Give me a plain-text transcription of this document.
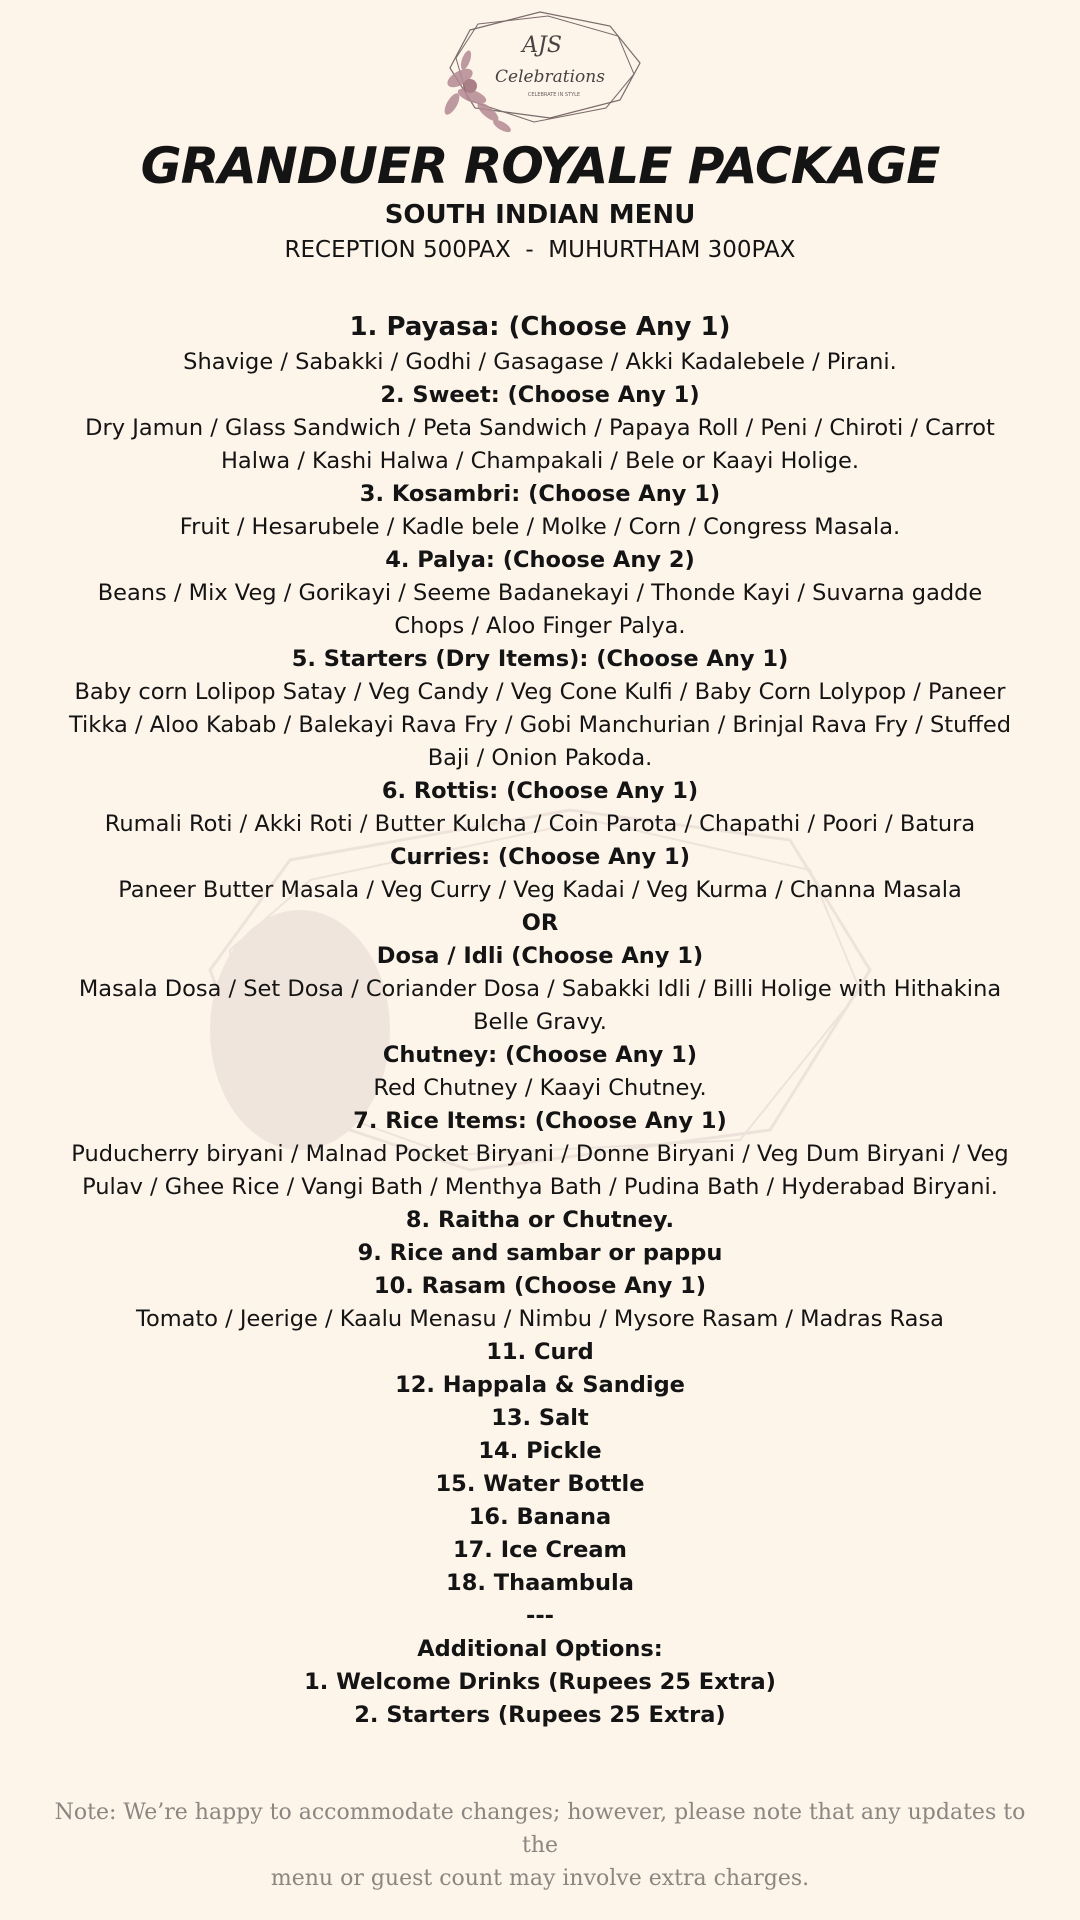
AJS
Celebrations
CELEBRATE IN STYLE
GRANDUER ROYALE PACKAGE
SOUTH INDIAN MENU
RECEPTION 500PAX  -  MUHURTHAM 300PAX
1. Payasa: (Choose Any 1)
Shavige / Sabakki / Godhi / Gasagase / Akki Kadalebele / Pirani.
2. Sweet: (Choose Any 1)
Dry Jamun / Glass Sandwich / Peta Sandwich / Papaya Roll / Peni / Chiroti / Carrot
Halwa / Kashi Halwa / Champakali / Bele or Kaayi Holige.
3. Kosambri: (Choose Any 1)
Fruit / Hesarubele / Kadle bele / Molke / Corn / Congress Masala.
4. Palya: (Choose Any 2)
Beans / Mix Veg / Gorikayi / Seeme Badanekayi / Thonde Kayi / Suvarna gadde
Chops / Aloo Finger Palya.
5. Starters (Dry Items): (Choose Any 1)
Baby corn Lolipop Satay / Veg Candy / Veg Cone Kulfi / Baby Corn Lolypop / Paneer
Tikka / Aloo Kabab / Balekayi Rava Fry / Gobi Manchurian / Brinjal Rava Fry / Stuffed
Baji / Onion Pakoda.
6. Rottis: (Choose Any 1)
Rumali Roti / Akki Roti / Butter Kulcha / Coin Parota / Chapathi / Poori / Batura
Curries: (Choose Any 1)
Paneer Butter Masala / Veg Curry / Veg Kadai / Veg Kurma / Channa Masala
OR
Dosa / Idli (Choose Any 1)
Masala Dosa / Set Dosa / Coriander Dosa / Sabakki Idli / Billi Holige with Hithakina
Belle Gravy.
Chutney: (Choose Any 1)
Red Chutney / Kaayi Chutney.
7. Rice Items: (Choose Any 1)
Puducherry biryani / Malnad Pocket Biryani / Donne Biryani / Veg Dum Biryani / Veg
Pulav / Ghee Rice / Vangi Bath / Menthya Bath / Pudina Bath / Hyderabad Biryani.
8. Raitha or Chutney.
9. Rice and sambar or pappu
10. Rasam (Choose Any 1)
Tomato / Jeerige / Kaalu Menasu / Nimbu / Mysore Rasam / Madras Rasa
11. Curd
12. Happala & Sandige
13. Salt
14. Pickle
15. Water Bottle
16. Banana
17. Ice Cream
18. Thaambula
---
Additional Options:
1. Welcome Drinks (Rupees 25 Extra)
2. Starters (Rupees 25 Extra)
Note: We’re happy to accommodate changes; however, please note that any updates to the
menu or guest count may involve extra charges.
